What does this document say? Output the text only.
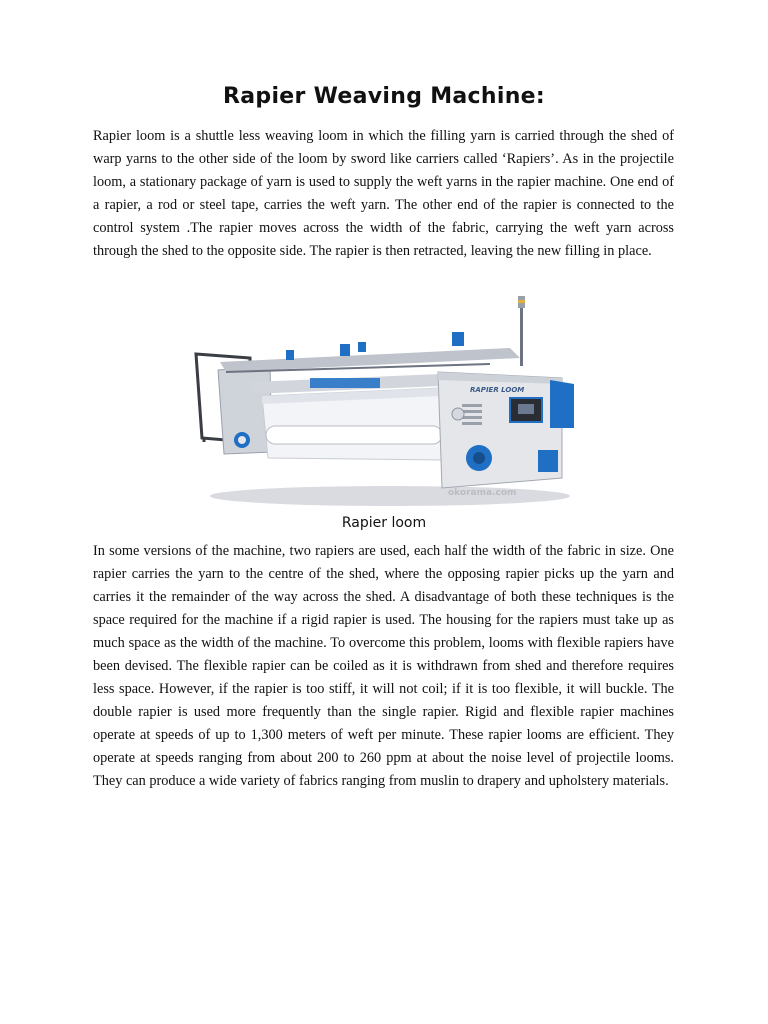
Rapier Weaving Machine:

Rapier loom is a shuttle less weaving loom in which the filling yarn is carried through the shed of warp yarns to the other side of the loom by sword like carriers called ‘Rapiers’. As in the projectile loom, a stationary package of yarn is used to supply the weft yarns in the rapier machine. One end of a rapier, a rod or steel tape, carries the weft yarn. The other end of the rapier is connected to the control system .The rapier moves across the width of the fabric, carrying the weft yarn across through the shed to the opposite side. The rapier is then retracted, leaving the new filling in place.

RAPIER LOOM
okorama.com
Rapier loom

In some versions of the machine, two rapiers are used, each half the width of the fabric in size. One rapier carries the yarn to the centre of the shed, where the opposing rapier picks up the yarn and carries it the remainder of the way across the shed. A disadvantage of both these techniques is the space required for the machine if a rigid rapier is used. The housing for the rapiers must take up as much space as the width of the machine. To overcome this problem, looms with flexible rapiers have been devised. The flexible rapier can be coiled as it is withdrawn from shed and therefore requires less space. However, if the rapier is too stiff, it will not coil; if it is too flexible, it will buckle. The double rapier is used more frequently than the single rapier. Rigid and flexible rapier machines operate at speeds of up to 1,300 meters of weft per minute. These rapier looms are efficient. They operate at speeds ranging from about 200 to 260 ppm at about the noise level of projectile looms. They can produce a wide variety of fabrics ranging from muslin to drapery and upholstery materials.
